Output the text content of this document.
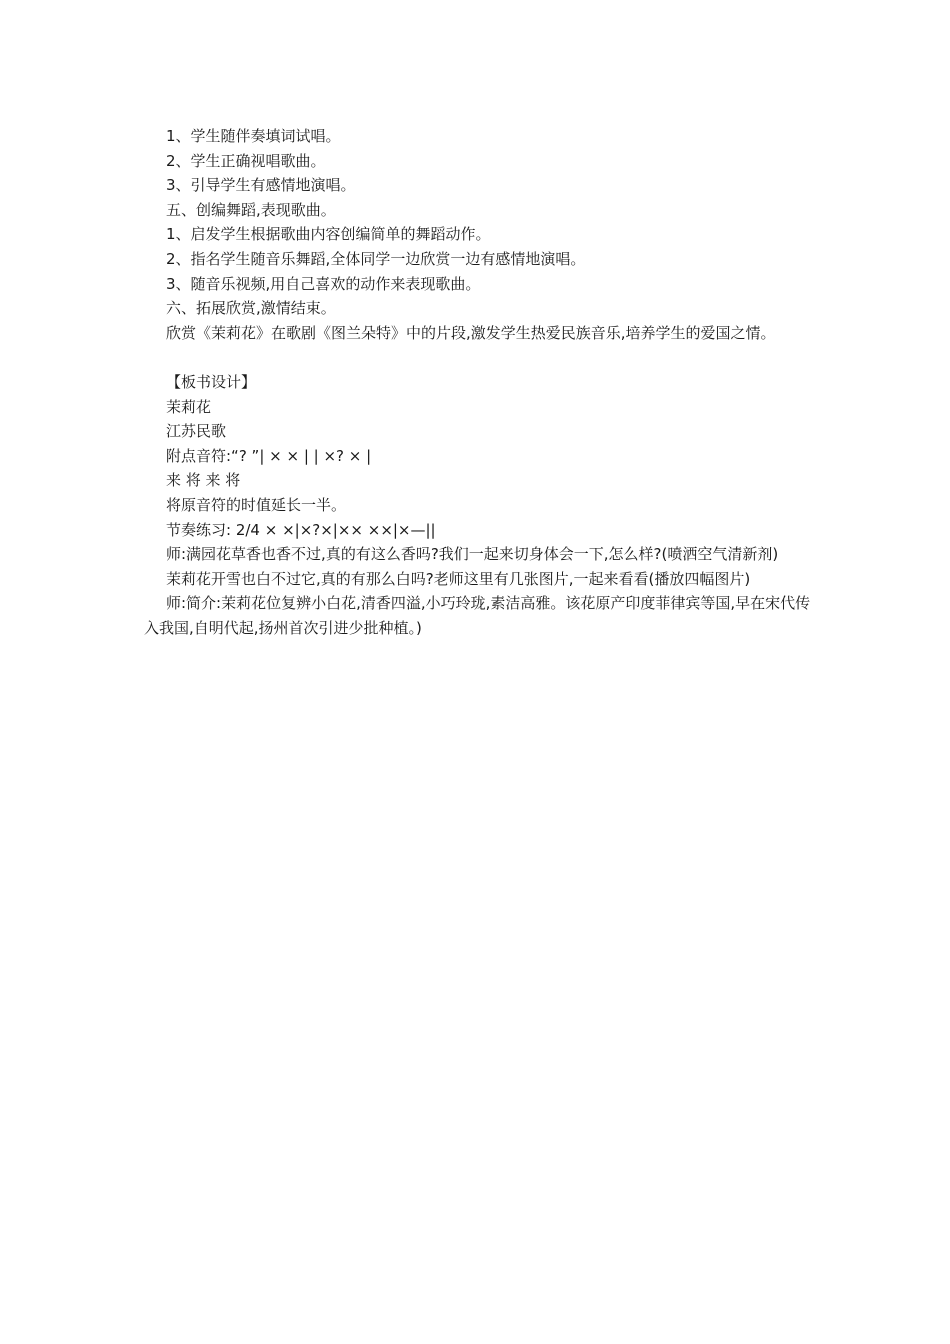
1、学生随伴奏填词试唱。

2、学生正确视唱歌曲。

3、引导学生有感情地演唱。

五、创编舞蹈,表现歌曲。

1、启发学生根据歌曲内容创编简单的舞蹈动作。

2、指名学生随音乐舞蹈,全体同学一边欣赏一边有感情地演唱。

3、随音乐视频,用自己喜欢的动作来表现歌曲。

六、拓展欣赏,激情结束。

欣赏《茉莉花》在歌剧《图兰朵特》中的片段,激发学生热爱民族音乐,培养学生的爱国之情。

【板书设计】

茉莉花

江苏民歌

附点音符:“? ”| × × | | ×? × |

来 将 来 将

将原音符的时值延长一半。

节奏练习: 2/4 × ×|×?×|×× ××|×—||

师:满园花草香也香不过,真的有这么香吗?我们一起来切身体会一下,怎么样?(喷洒空气清新剂)

茉莉花开雪也白不过它,真的有那么白吗?老师这里有几张图片,一起来看看(播放四幅图片)

师:简介:茉莉花位复辨小白花,清香四溢,小巧玲珑,素洁高雅。该花原产印度菲律宾等国,早在宋代传入我国,自明代起,扬州首次引进少批种植。)
